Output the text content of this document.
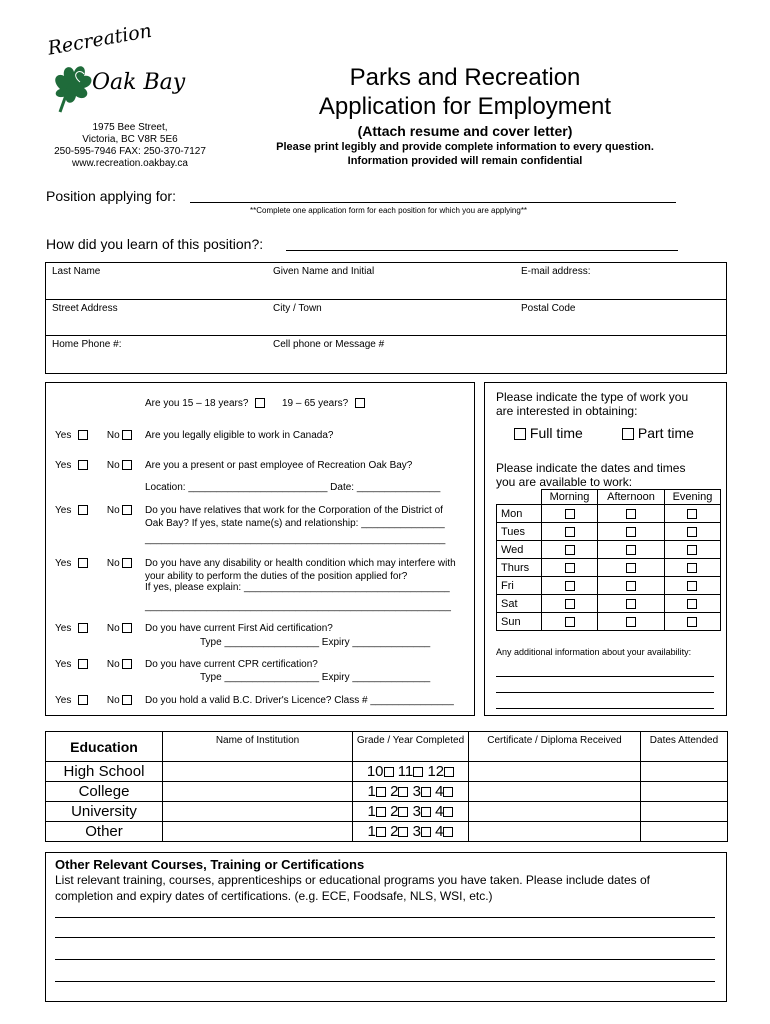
Recreation
Oak Bay
1975 Bee Street,
Victoria, BC V8R 5E6
250-595-7946 FAX: 250-370-7127
www.recreation.oakbay.ca
Parks and Recreation
Application for Employment
(Attach resume and cover letter)
Please print legibly and provide complete information to every question.
Information provided will remain confidential
Position applying for:
**Complete one application form for each position for which you are applying**
How did you learn of this position?:
Last Name	Given Name and Initial	E-mail address:
Street Address	City / Town	Postal Code
Home Phone #:	Cell phone or Message #
Are you 15 – 18 years?	19 – 65 years?
Yes	No	Are you legally eligible to work in Canada?
Yes	No	Are you a present or past employee of Recreation Oak Bay?
Location: _________________________ Date: _______________
Yes	No	Do you have relatives that work for the Corporation of the District of
Oak Bay? If yes, state name(s) and relationship: _______________
______________________________________________________
Yes	No	Do you have any disability or health condition which may interfere with
your ability to perform the duties of the position applied for?
If yes, please explain: _____________________________________
_______________________________________________________
Yes	No	Do you have current First Aid certification?
Type _________________ Expiry ______________
Yes	No	Do you have current CPR certification?
Type _________________ Expiry ______________
Yes	No	Do you hold a valid B.C. Driver's Licence? Class # _______________
Please indicate the type of work you
are interested in obtaining:
Full time	Part time
Please indicate the dates and times
you are available to work:
	Morning	Afternoon	Evening
Mon			
Tues			
Wed			
Thurs			
Fri			
Sat			
Sun			
Any additional information about your availability:
Education	Name of Institution	Grade / Year Completed	Certificate / Diploma Received	Dates Attended
High School		10 11 12		
College		1 2 3 4		
University		1 2 3 4		
Other		1 2 3 4		
Other Relevant Courses, Training or Certifications
List relevant training, courses, apprenticeships or educational programs you have taken. Please include dates of
completion and expiry dates of certifications. (e.g. ECE, Foodsafe, NLS, WSI, etc.)
